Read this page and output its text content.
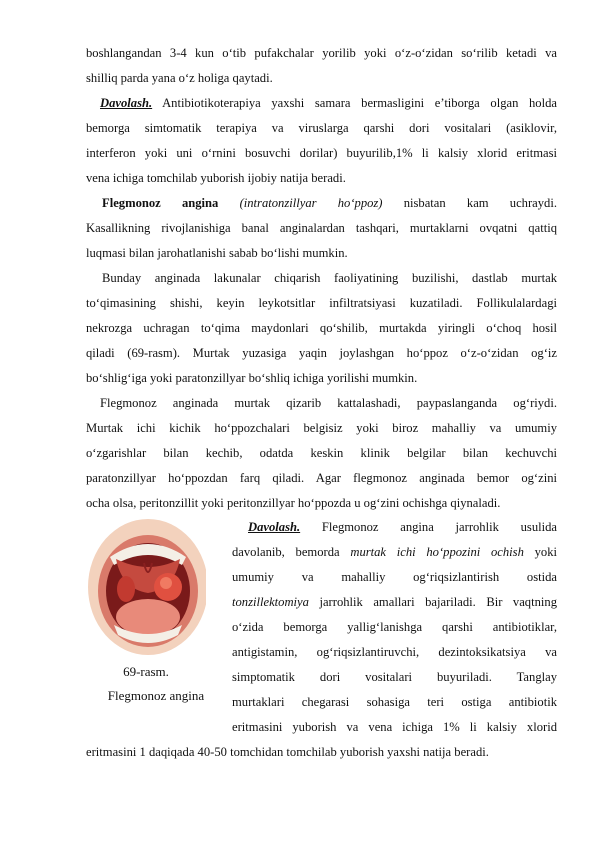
boshlangandan 3-4 kun o‘tib pufakchalar yorilib yoki o‘z-o‘zidan so‘rilib ketadi va
shilliq parda yana o‘z holiga qaytadi.
Davolash. Antibiotikoterapiya yaxshi samara bermasligini e’tiborga olgan holda
bemorga simtomatik terapiya va viruslarga qarshi dori vositalari (asiklovir,
interferon yoki uni o‘rnini bosuvchi dorilar) buyurilib,1% li kalsiy xlorid eritmasi
vena ichiga tomchilab yuborish ijobiy natija beradi.
Flegmonoz angina (intratonzillyar ho‘ppoz) nisbatan kam uchraydi.
Kasallikning rivojlanishiga banal anginalardan tashqari, murtaklarni ovqatni qattiq
luqmasi bilan jarohatlanishi sabab bo‘lishi mumkin.
Bunday anginada lakunalar chiqarish faoliyatining buzilishi, dastlab murtak
to‘qimasining shishi, keyin leykotsitlar infiltratsiyasi kuzatiladi. Follikulalardagi
nekrozga uchragan to‘qima maydonlari qo‘shilib, murtakda yiringli o‘choq hosil
qiladi (69-rasm). Murtak yuzasiga yaqin joylashgan ho‘ppoz o‘z-o‘zidan og‘iz
bo‘shlig‘iga yoki paratonzillyar bo‘shliq ichiga yorilishi mumkin.
Flegmonoz anginada murtak qizarib kattalashadi, paypaslanganda og‘riydi.
Murtak ichi kichik ho‘ppozchalari belgisiz yoki biroz mahalliy va umumiy
o‘zgarishlar bilan kechib, odatda keskin klinik belgilar bilan kechuvchi
paratonzillyar ho‘ppozdan farq qiladi. Agar flegmonoz anginada bemor og‘zini
ocha olsa, peritonzillit yoki peritonzillyar ho‘ppozda u og‘zini ochishga qiynaladi.
Davolash. Flegmonoz angina jarrohlik usulida
davolanib, bemorda murtak ichi ho‘ppozini ochish yoki
umumiy va mahalliy og‘riqsizlantirish ostida
tonzillektomiya jarrohlik amallari bajariladi. Bir vaqtning
o‘zida bemorga yallig‘lanishga qarshi antibiotiklar,
antigistamin, og‘riqsizlantiruvchi, dezintoksikatsiya va
simptomatik dori vositalari buyuriladi. Tanglay
murtaklari chegarasi sohasiga teri ostiga antibiotik
eritmasini yuborish va vena ichiga 1% li kalsiy xlorid
eritmasini 1 daqiqada 40-50 tomchidan tomchilab yuborish yaxshi natija beradi.
69-rasm.
Flegmonoz angina
